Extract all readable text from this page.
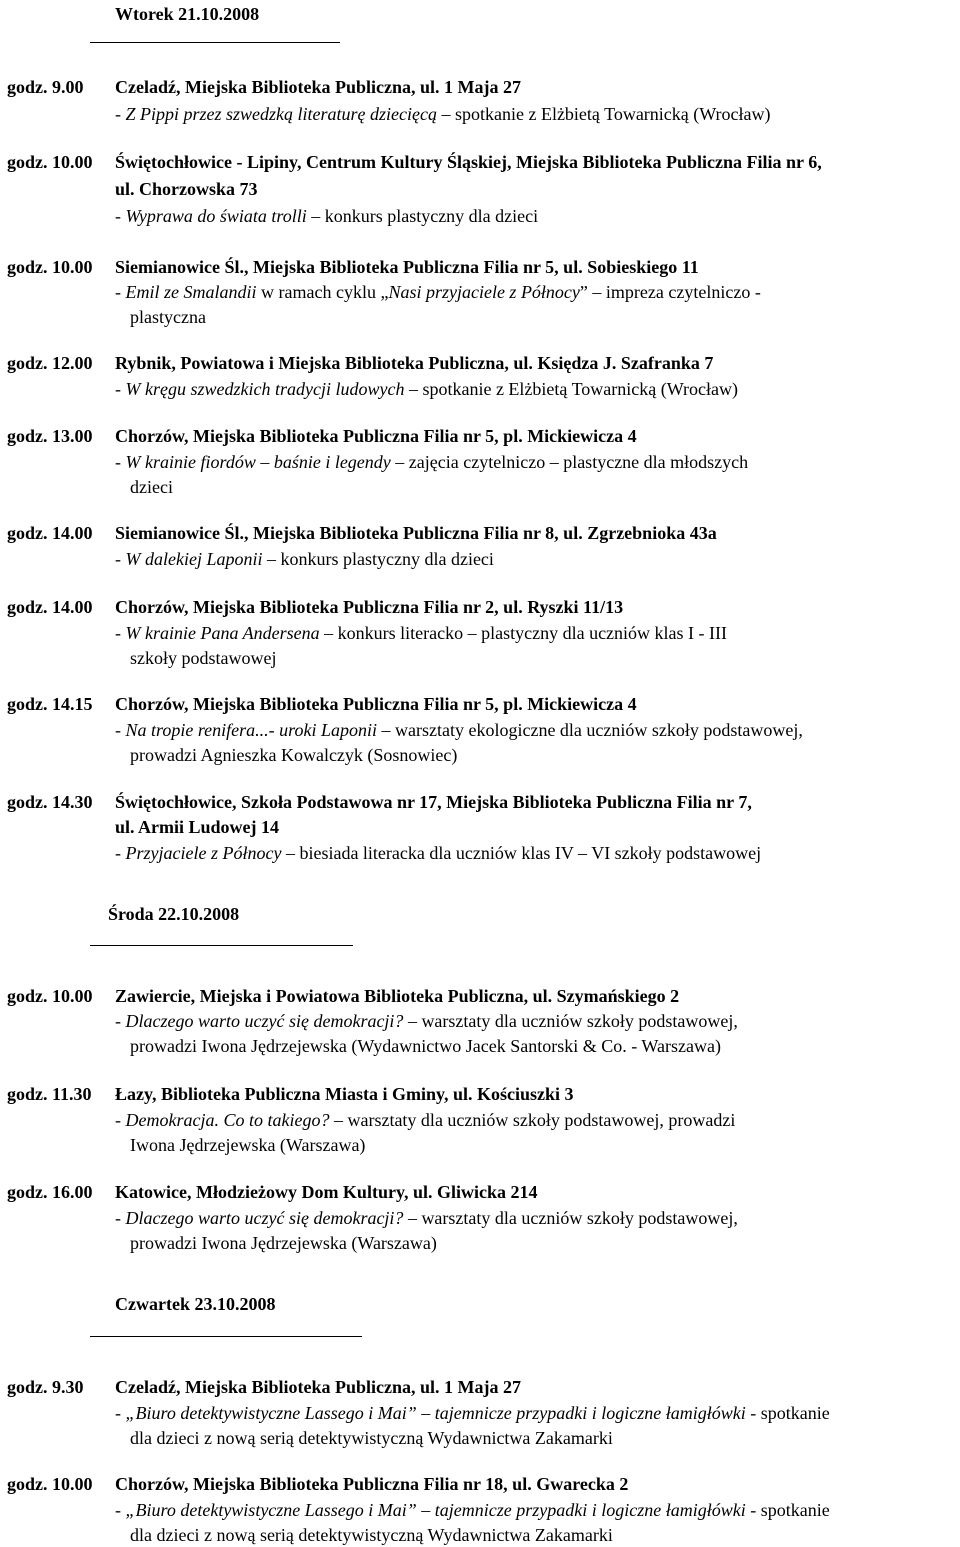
Wtorek 21.10.2008
godz. 9.00 Czeladź, Miejska Biblioteka Publiczna, ul. 1 Maja 27
- Z Pippi przez szwedzką literaturę dziecięcą – spotkanie z Elżbietą Towarnicką (Wrocław)
godz. 10.00 Świętochłowice - Lipiny, Centrum Kultury Śląskiej, Miejska Biblioteka Publiczna Filia nr 6,
ul. Chorzowska 73
- Wyprawa do świata trolli – konkurs plastyczny dla dzieci
godz. 10.00 Siemianowice Śl., Miejska Biblioteka Publiczna Filia nr 5, ul. Sobieskiego 11
- Emil ze Smalandii w ramach cyklu „Nasi przyjaciele z Północy” – impreza czytelniczo -
plastyczna
godz. 12.00 Rybnik, Powiatowa i Miejska Biblioteka Publiczna, ul. Księdza J. Szafranka 7
- W kręgu szwedzkich tradycji ludowych – spotkanie z Elżbietą Towarnicką (Wrocław)
godz. 13.00 Chorzów, Miejska Biblioteka Publiczna Filia nr 5, pl. Mickiewicza 4
- W krainie fiordów – baśnie i legendy – zajęcia czytelniczo – plastyczne dla młodszych
dzieci
godz. 14.00 Siemianowice Śl., Miejska Biblioteka Publiczna Filia nr 8, ul. Zgrzebnioka 43a
- W dalekiej Laponii – konkurs plastyczny dla dzieci
godz. 14.00 Chorzów, Miejska Biblioteka Publiczna Filia nr 2, ul. Ryszki 11/13
- W krainie Pana Andersena – konkurs literacko – plastyczny dla uczniów klas I - III
szkoły podstawowej
godz. 14.15 Chorzów, Miejska Biblioteka Publiczna Filia nr 5, pl. Mickiewicza 4
- Na tropie renifera...- uroki Laponii – warsztaty ekologiczne dla uczniów szkoły podstawowej,
prowadzi Agnieszka Kowalczyk (Sosnowiec)
godz. 14.30 Świętochłowice, Szkoła Podstawowa nr 17, Miejska Biblioteka Publiczna Filia nr 7,
ul. Armii Ludowej 14
- Przyjaciele z Północy – biesiada literacka dla uczniów klas IV – VI szkoły podstawowej
Środa 22.10.2008
godz. 10.00 Zawiercie, Miejska i Powiatowa Biblioteka Publiczna, ul. Szymańskiego 2
- Dlaczego warto uczyć się demokracji? – warsztaty dla uczniów szkoły podstawowej,
prowadzi Iwona Jędrzejewska (Wydawnictwo Jacek Santorski & Co. - Warszawa)
godz. 11.30 Łazy, Biblioteka Publiczna Miasta i Gminy, ul. Kościuszki 3
- Demokracja. Co to takiego? – warsztaty dla uczniów szkoły podstawowej, prowadzi
Iwona Jędrzejewska (Warszawa)
godz. 16.00 Katowice, Młodzieżowy Dom Kultury, ul. Gliwicka 214
- Dlaczego warto uczyć się demokracji? – warsztaty dla uczniów szkoły podstawowej,
prowadzi Iwona Jędrzejewska (Warszawa)
Czwartek 23.10.2008
godz. 9.30 Czeladź, Miejska Biblioteka Publiczna, ul. 1 Maja 27
- „Biuro detektywistyczne Lassego i Mai” – tajemnicze przypadki i logiczne łamigłówki - spotkanie
dla dzieci z nową serią detektywistyczną Wydawnictwa Zakamarki
godz. 10.00 Chorzów, Miejska Biblioteka Publiczna Filia nr 18, ul. Gwarecka 2
- „Biuro detektywistyczne Lassego i Mai” – tajemnicze przypadki i logiczne łamigłówki - spotkanie
dla dzieci z nową serią detektywistyczną Wydawnictwa Zakamarki
